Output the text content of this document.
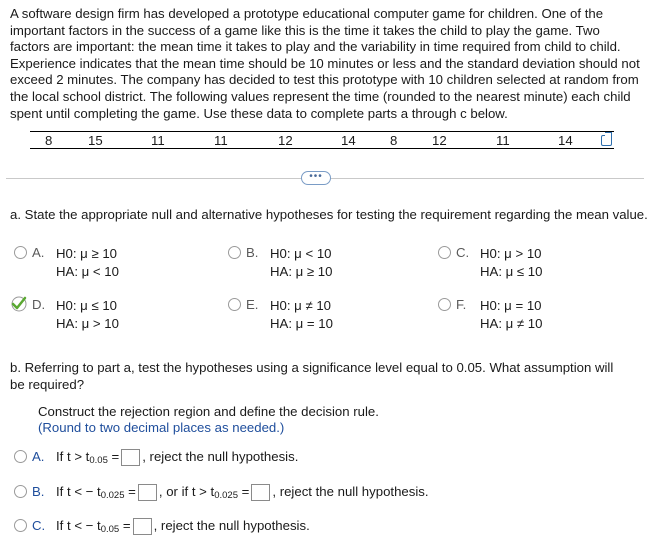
A software design firm has developed a prototype educational computer game for children. One of the important factors in the success of a game like this is the time it takes the child to play the game. Two factors are important: the mean time it takes to play and the variability in time required from child to child. Experience indicates that the mean time should be 10 minutes or less and the standard deviation should not exceed 2 minutes. The company has decided to test this prototype with 10 children selected at random from the local school district. The following values represent the time (rounded to the nearest minute) each child spent until completing the game. Use these data to complete parts a through c below.
8	15	11	11	12	14	8	12	11	14
•••
a. State the appropriate null and alternative hypotheses for testing the requirement regarding the mean value.
A. H0: μ ≥ 10
HA: μ < 10
B. H0: μ < 10
HA: μ ≥ 10
C. H0: μ > 10
HA: μ ≤ 10
D. H0: μ ≤ 10
HA: μ > 10
E. H0: μ ≠ 10
HA: μ = 10
F. H0: μ = 10
HA: μ ≠ 10
b. Referring to part a, test the hypotheses using a significance level equal to 0.05. What assumption will be required?
Construct the rejection region and define the decision rule.
(Round to two decimal places as needed.)
A. If $t > t_{0.05}$ = , reject the null hypothesis.
B. If t < − $t_{0.025}$ = , or if $t > t_{0.025}$ = , reject the null hypothesis.
C. If t < − $t_{0.05}$ = , reject the null hypothesis.
